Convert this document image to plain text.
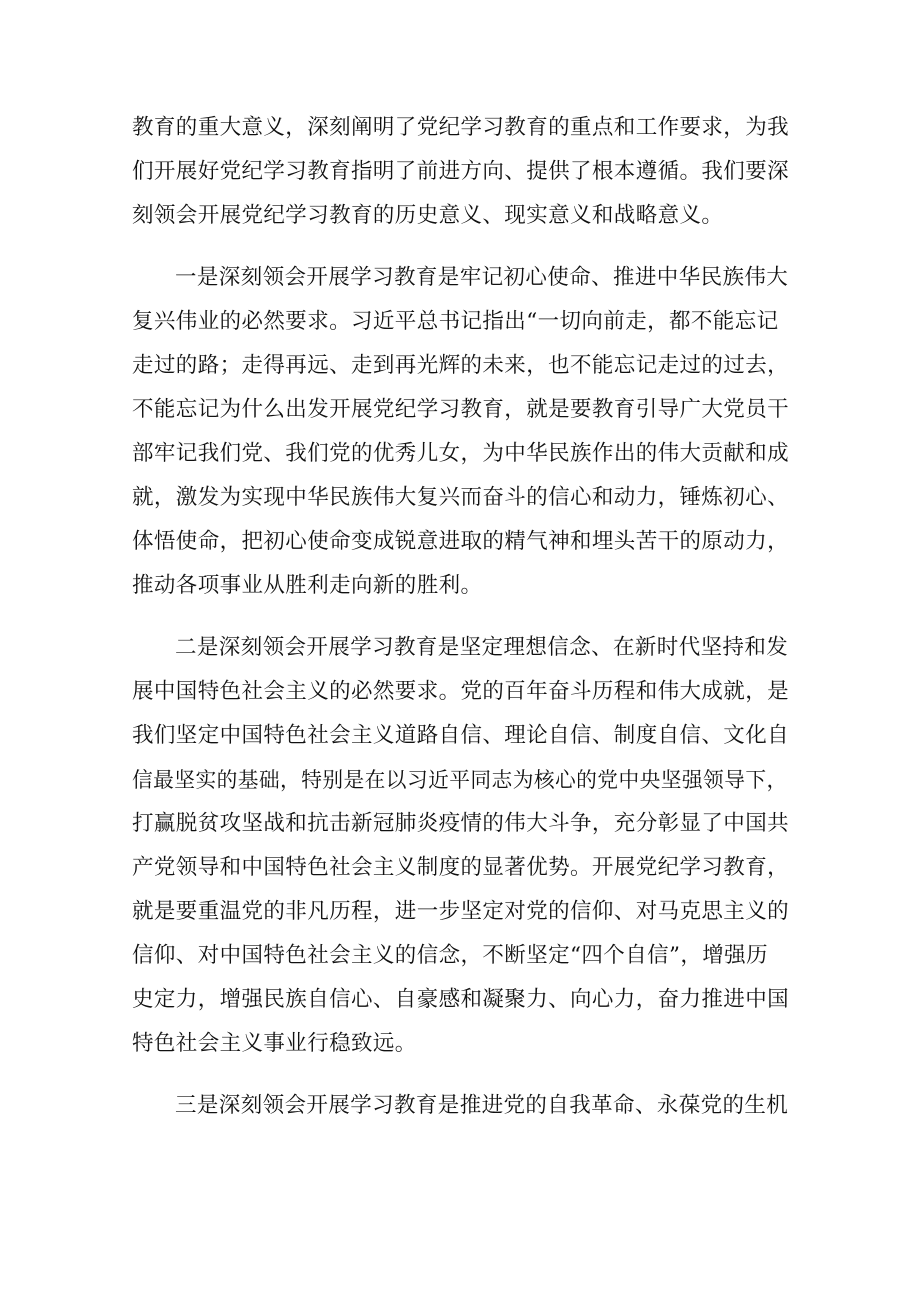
教育的重大意义，深刻阐明了党纪学习教育的重点和工作要求，为我
们开展好党纪学习教育指明了前进方向、提供了根本遵循。我们要深
刻领会开展党纪学习教育的历史意义、现实意义和战略意义。
一是深刻领会开展学习教育是牢记初心使命、推进中华民族伟大
复兴伟业的必然要求。习近平总书记指出“一切向前走，都不能忘记
走过的路；走得再远、走到再光辉的未来，也不能忘记走过的过去，
不能忘记为什么出发开展党纪学习教育，就是要教育引导广大党员干
部牢记我们党、我们党的优秀儿女，为中华民族作出的伟大贡献和成
就，激发为实现中华民族伟大复兴而奋斗的信心和动力，锤炼初心、
体悟使命，把初心使命变成锐意进取的精气神和埋头苦干的原动力，
推动各项事业从胜利走向新的胜利。
二是深刻领会开展学习教育是坚定理想信念、在新时代坚持和发
展中国特色社会主义的必然要求。党的百年奋斗历程和伟大成就，是
我们坚定中国特色社会主义道路自信、理论自信、制度自信、文化自
信最坚实的基础，特别是在以习近平同志为核心的党中央坚强领导下，
打赢脱贫攻坚战和抗击新冠肺炎疫情的伟大斗争，充分彰显了中国共
产党领导和中国特色社会主义制度的显著优势。开展党纪学习教育，
就是要重温党的非凡历程，进一步坚定对党的信仰、对马克思主义的
信仰、对中国特色社会主义的信念，不断坚定“四个自信”，增强历
史定力，增强民族自信心、自豪感和凝聚力、向心力，奋力推进中国
特色社会主义事业行稳致远。
三是深刻领会开展学习教育是推进党的自我革命、永葆党的生机
